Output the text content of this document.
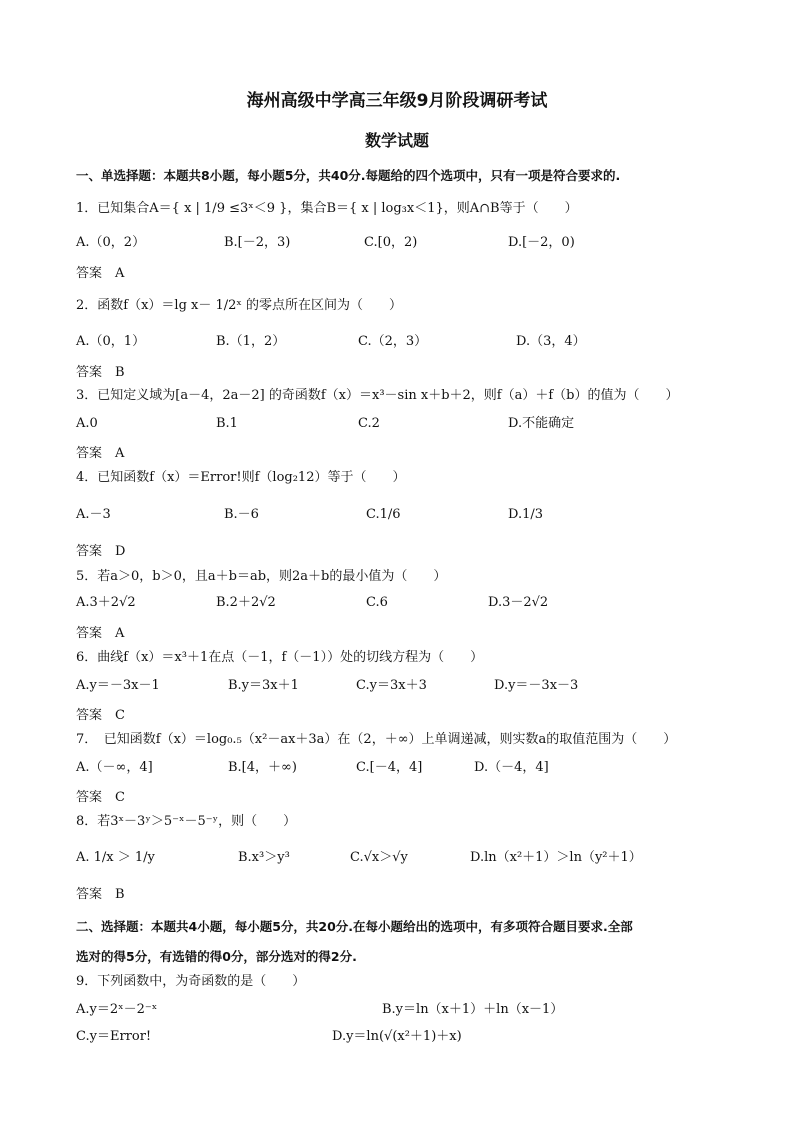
海州高级中学高三年级9月阶段调研考试
数学试题
一、单选择题：本题共8小题，每小题5分，共40分.每题给的四个选项中，只有一项是符合要求的.
1．已知集合A＝{ x | 1/9 ≤3ˣ＜9 }，集合B＝{ x | log₃x＜1}，则A∩B等于（　　）
A.（0，2）	B.[－2，3)	C.[0，2)	D.[－2，0)
答案　A
2．函数f（x）＝lg x－ 1/2ˣ 的零点所在区间为（　　）
A.（0，1）	B.（1，2）	C.（2，3）	D.（3，4）
答案　B
3．已知定义域为[a－4，2a－2] 的奇函数f（x）＝x³－sin x＋b＋2，则f（a）＋f（b）的值为（　　）
A.0	B.1	C.2	D.不能确定
答案　A
4．已知函数f（x）＝Error!则f（log₂12）等于（　　）
A.－3	B.－6	C.1/6	D.1/3
答案　D
5．若a＞0，b＞0，且a＋b＝ab，则2a＋b的最小值为（　　）
A.3＋2√2	B.2＋2√2	C.6	D.3－2√2
答案　A
6．曲线f（x）＝x³＋1在点（－1，f（－1））处的切线方程为（　　）
A.y＝－3x－1	B.y＝3x＋1	C.y＝3x＋3	D.y＝－3x－3
答案　C
7．　已知函数f（x）＝log₀.₅（x²－ax＋3a）在（2，＋∞）上单调递减，则实数a的取值范围为（　　）
A.（－∞，4]	B.[4，＋∞)	C.[－4，4]	D.（－4，4]
答案　C
8．若3ˣ－3ʸ＞5⁻ˣ－5⁻ʸ，则（　　）
A. 1/x ＞ 1/y	B.x³＞y³	C.√x＞√y	D.ln（x²＋1）＞ln（y²＋1）
答案　B
二、选择题：本题共4小题，每小题5分，共20分.在每小题给出的选项中，有多项符合题目要求.全部
选对的得5分，有选错的得0分，部分选对的得2分.
9．下列函数中，为奇函数的是（　　）
A.y＝2ˣ－2⁻ˣ	B.y＝ln（x＋1）＋ln（x－1）
C.y＝Error!	D.y＝ln(√(x²＋1)＋x)
